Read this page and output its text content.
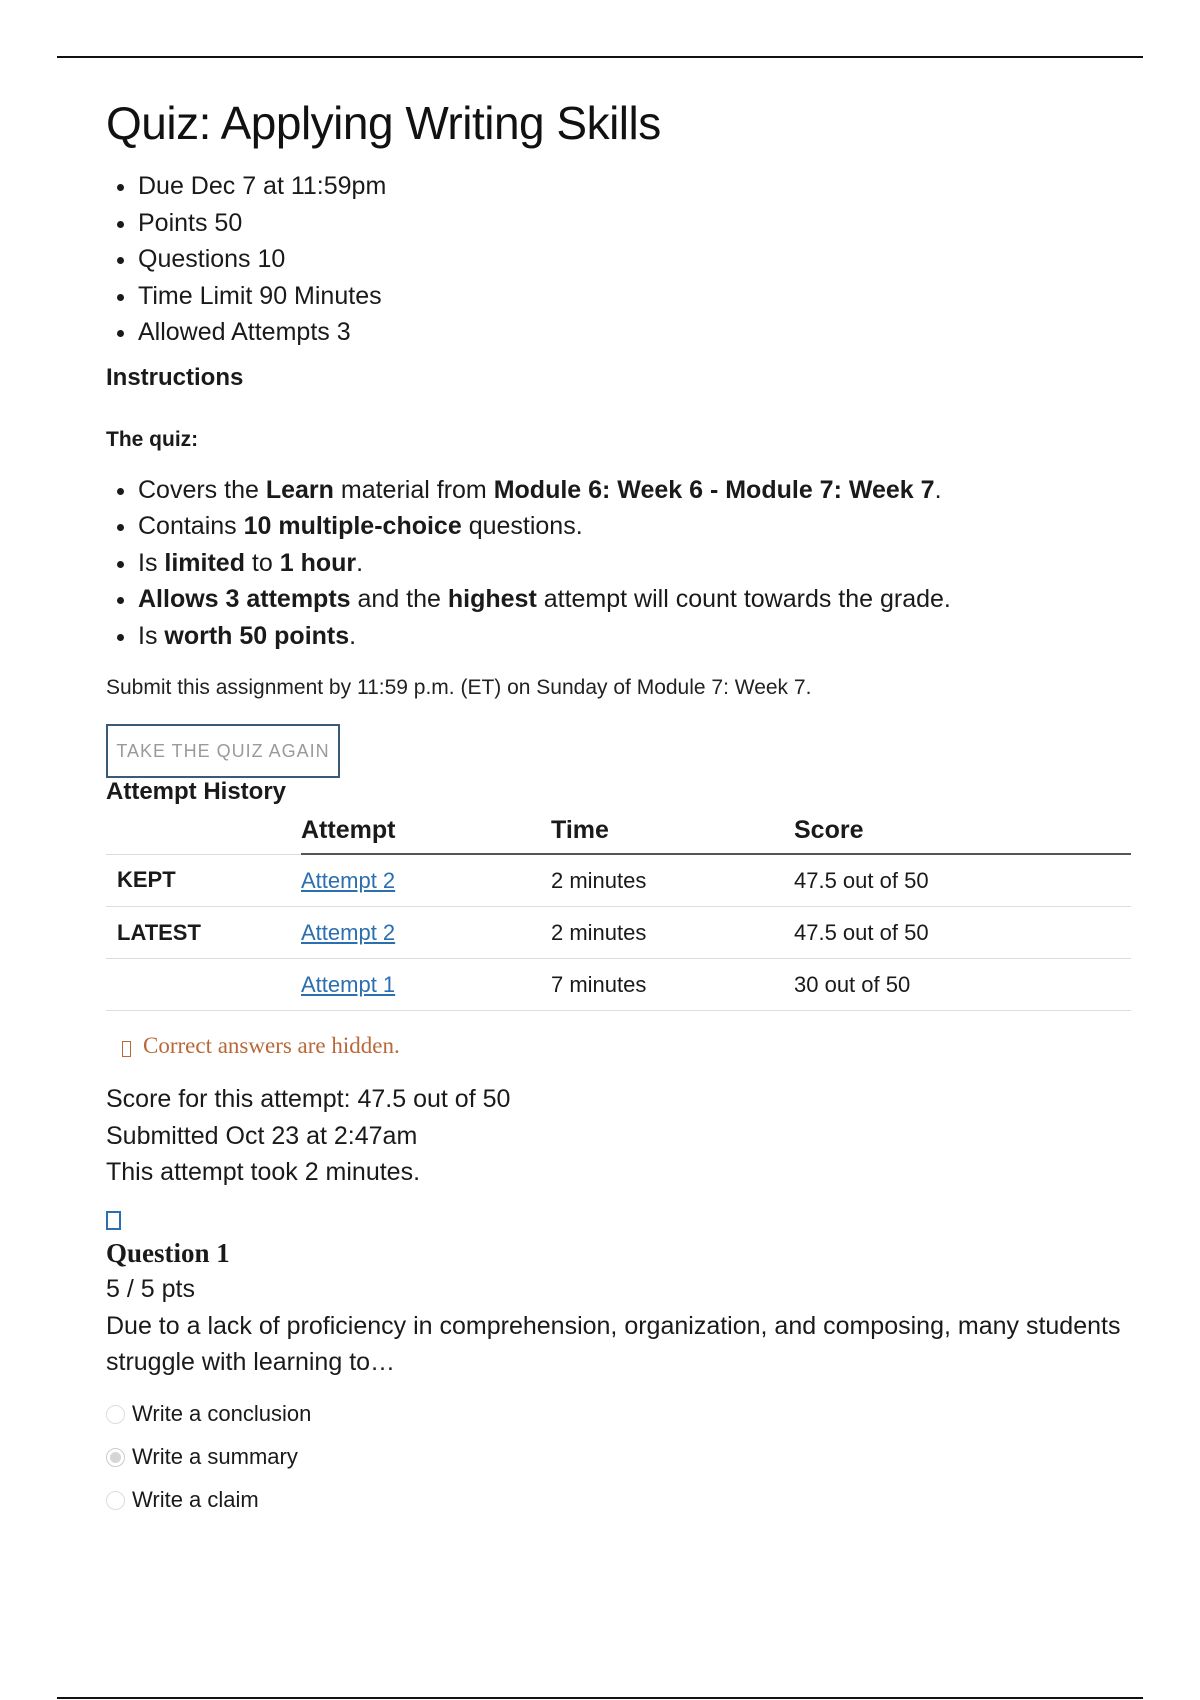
Quiz: Applying Writing Skills
• Due Dec 7 at 11:59pm
• Points 50
• Questions 10
• Time Limit 90 Minutes
• Allowed Attempts 3
Instructions
The quiz:
• Covers the Learn material from Module 6: Week 6 - Module 7: Week 7.
• Contains 10 multiple-choice questions.
• Is limited to 1 hour.
• Allows 3 attempts and the highest attempt will count towards the grade.
• Is worth 50 points.
Submit this assignment by 11:59 p.m. (ET) on Sunday of Module 7: Week 7.
TAKE THE QUIZ AGAIN
Attempt History
	Attempt	Time	Score
KEPT	Attempt 2	2 minutes	47.5 out of 50
LATEST	Attempt 2	2 minutes	47.5 out of 50
	Attempt 1	7 minutes	30 out of 50
Correct answers are hidden.
Score for this attempt: 47.5 out of 50
Submitted Oct 23 at 2:47am
This attempt took 2 minutes.
Question 1
5 / 5 pts
Due to a lack of proficiency in comprehension, organization, and composing, many students struggle with learning to…
Write a conclusion
Write a summary
Write a claim
